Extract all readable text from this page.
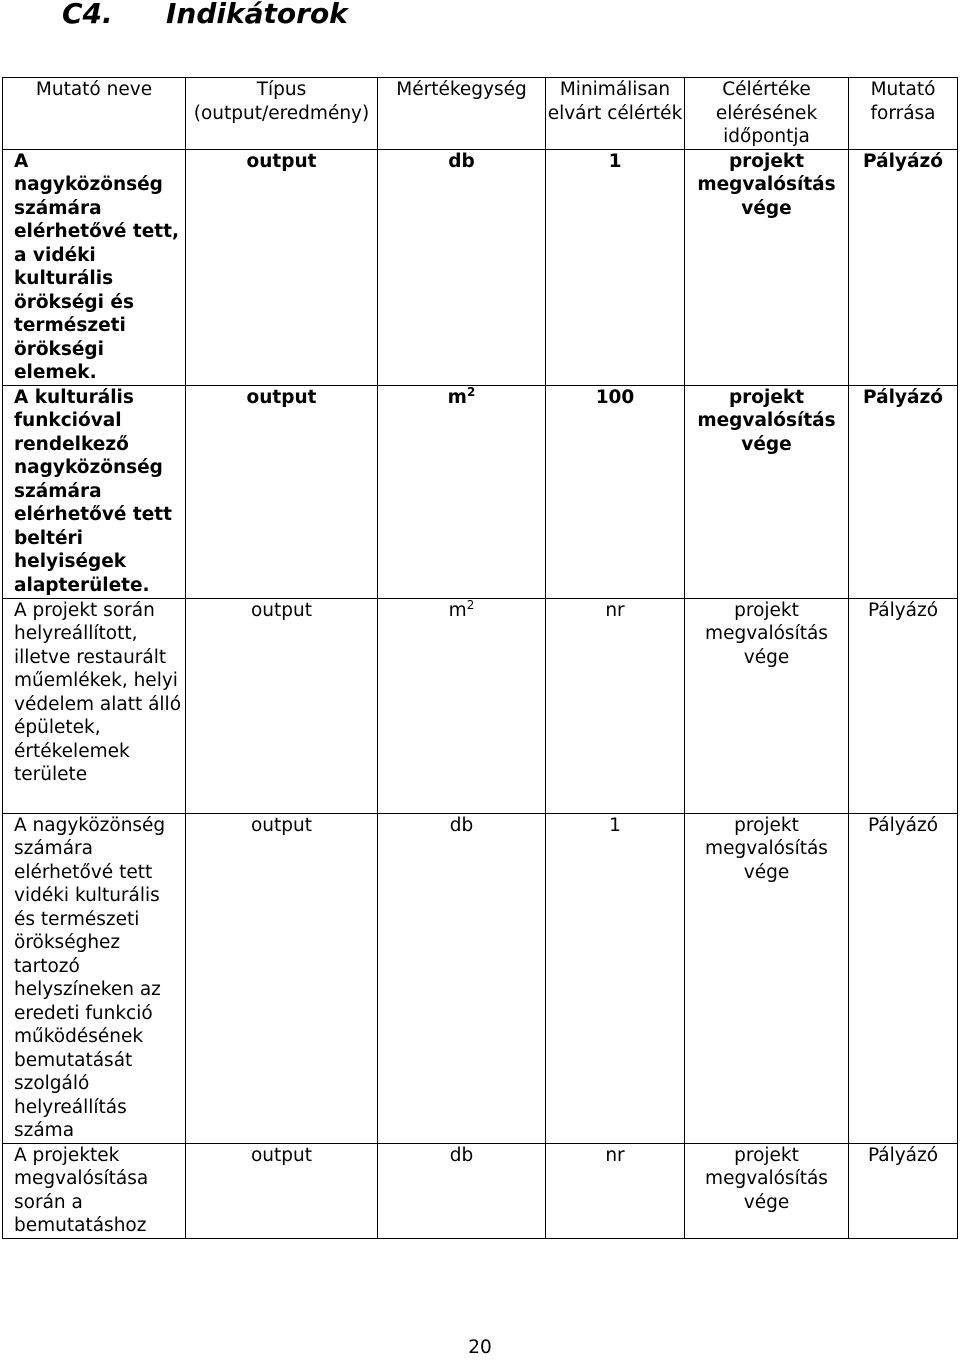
C4. Indikátorok
Mutató neve	Típus (output/eredmény)	Mértékegység	Minimálisan elvárt célérték	Célértéke elérésének időpontja	Mutató forrása
A nagyközönség számára elérhetővé tett, a vidéki kulturális örökségi és természeti örökségi elemek.	output	db	1	projekt megvalósítás vége	Pályázó
A kulturális funkcióval rendelkező nagyközönség számára elérhetővé tett beltéri helyiségek alapterülete.	output	$m^2$	100	projekt megvalósítás vége	Pályázó
A projekt során helyreállított, illetve restaurált műemlékek, helyi védelem alatt álló épületek, értékelemek területe	output	$m^2$	nr	projekt megvalósítás vége	Pályázó
A nagyközönség számára elérhetővé tett vidéki kulturális és természeti örökséghez tartozó helyszíneken az eredeti funkció működésének bemutatását szolgáló helyreállítás száma	output	db	1	projekt megvalósítás vége	Pályázó
A projektek megvalósítása során a bemutatáshoz	output	db	nr	projekt megvalósítás vége	Pályázó
20
